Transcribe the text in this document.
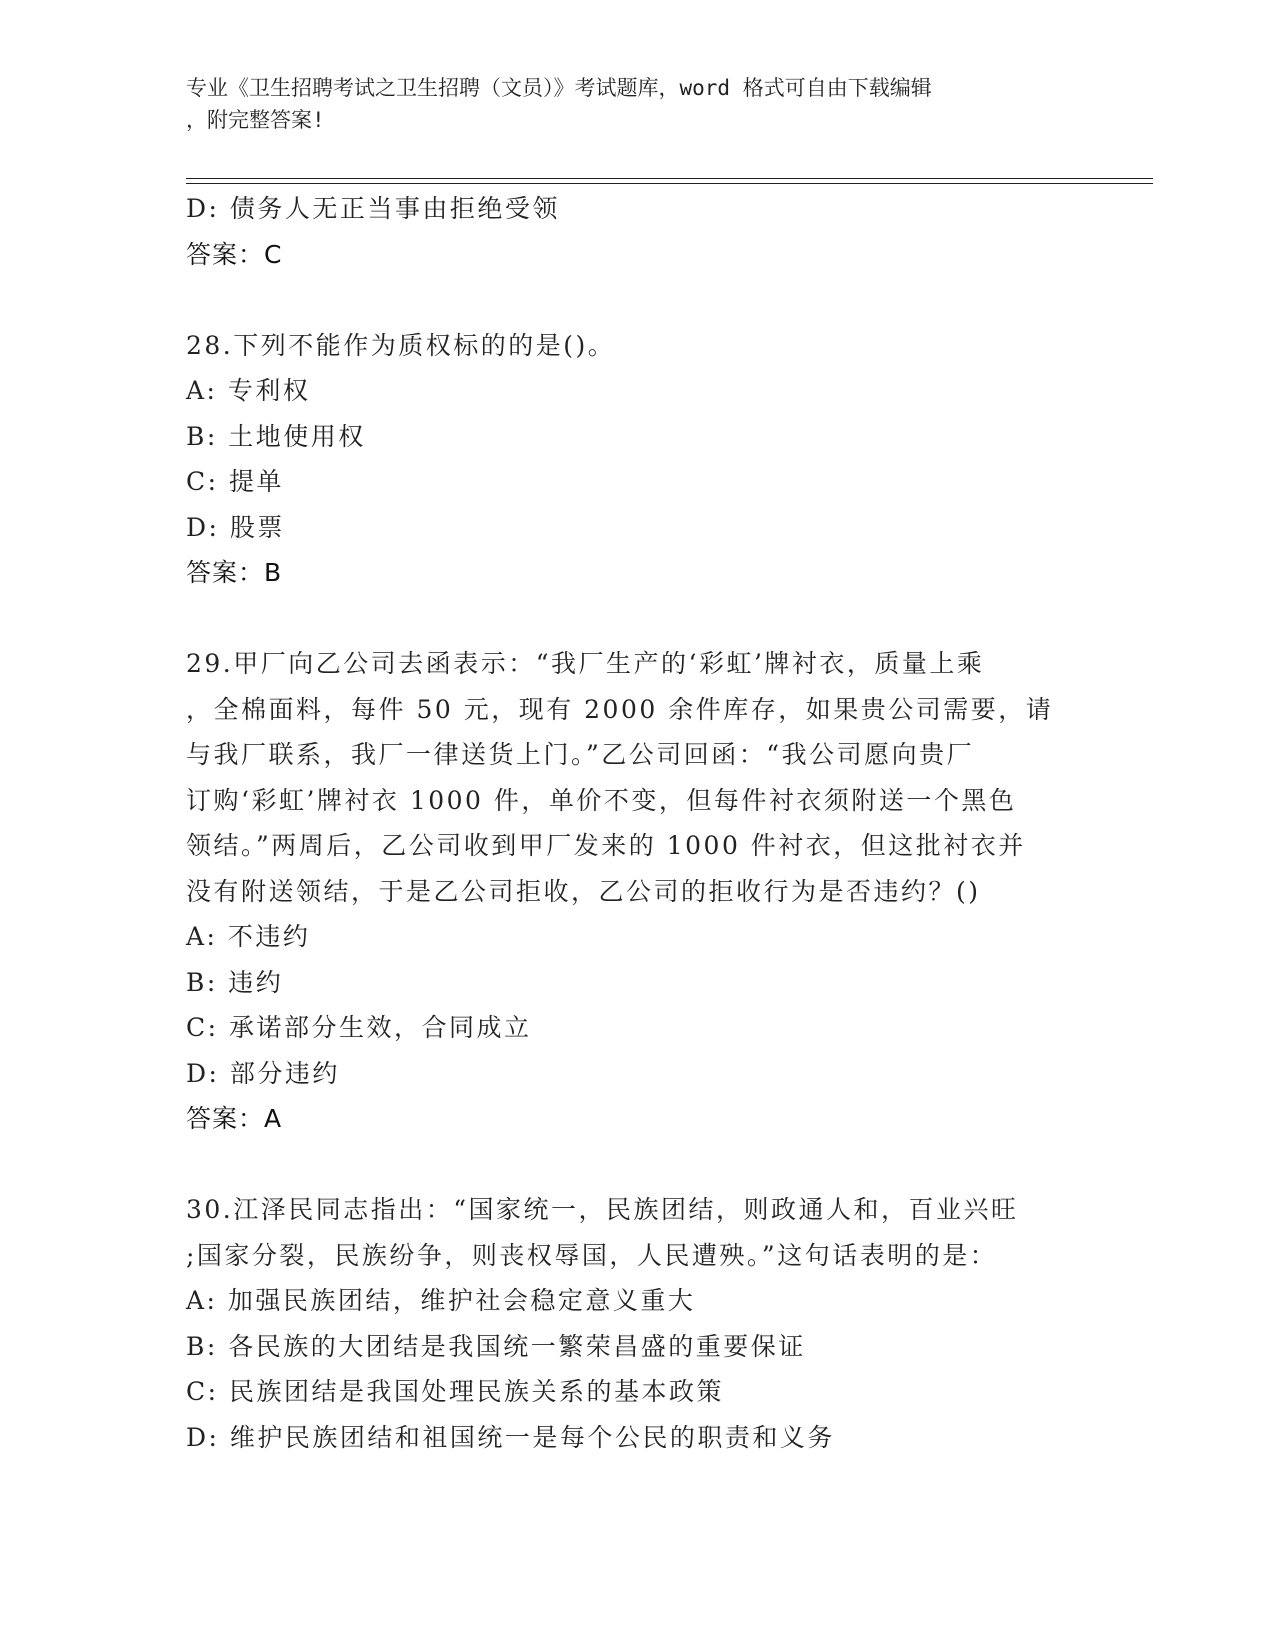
专业《卫生招聘考试之卫生招聘（文员）》考试题库，word 格式可自由下载编辑
，附完整答案!
D: 债务人无正当事由拒绝受领
答案：C
28.下列不能作为质权标的的是()。
A: 专利权
B: 土地使用权
C: 提单
D: 股票
答案：B
29.甲厂向乙公司去函表示：“我厂生产的‘彩虹’牌衬衣，质量上乘
，全棉面料，每件 50 元，现有 2000 余件库存，如果贵公司需要，请
与我厂联系，我厂一律送货上门。”乙公司回函：“我公司愿向贵厂
订购‘彩虹’牌衬衣 1000 件，单价不变，但每件衬衣须附送一个黑色
领结。”两周后，乙公司收到甲厂发来的 1000 件衬衣，但这批衬衣并
没有附送领结，于是乙公司拒收，乙公司的拒收行为是否违约？()
A: 不违约
B: 违约
C: 承诺部分生效，合同成立
D: 部分违约
答案：A
30.江泽民同志指出：“国家统一，民族团结，则政通人和，百业兴旺
;国家分裂，民族纷争，则丧权辱国，人民遭殃。”这句话表明的是：
A: 加强民族团结，维护社会稳定意义重大
B: 各民族的大团结是我国统一繁荣昌盛的重要保证
C: 民族团结是我国处理民族关系的基本政策
D: 维护民族团结和祖国统一是每个公民的职责和义务
